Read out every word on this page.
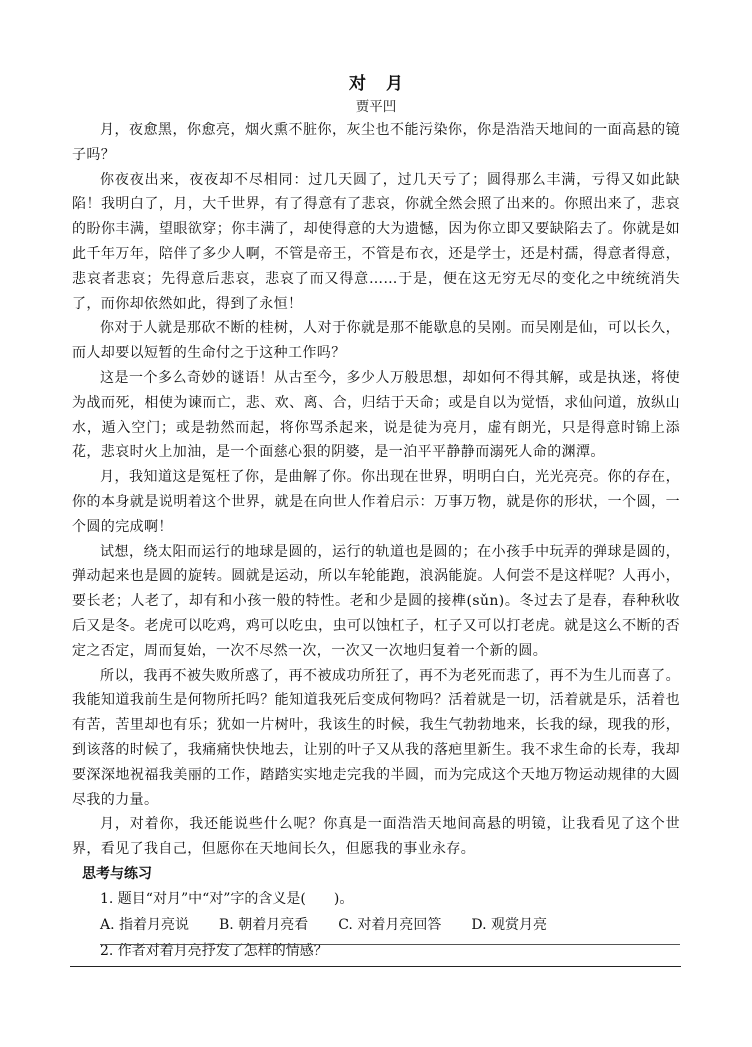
对月
贾平凹

月，夜愈黑，你愈亮，烟火熏不脏你，灰尘也不能污染你，你是浩浩天地间的一面高悬的镜子吗？

你夜夜出来，夜夜却不尽相同：过几天圆了，过几天亏了；圆得那么丰满，亏得又如此缺陷！我明白了，月，大千世界，有了得意有了悲哀，你就全然会照了出来的。你照出来了，悲哀的盼你丰满，望眼欲穿；你丰满了，却使得意的大为遗憾，因为你立即又要缺陷去了。你就是如此千年万年，陪伴了多少人啊，不管是帝王，不管是布衣，还是学士，还是村孺，得意者得意，悲哀者悲哀；先得意后悲哀，悲哀了而又得意……于是，便在这无穷无尽的变化之中统统消失了，而你却依然如此，得到了永恒！

你对于人就是那砍不断的桂树，人对于你就是那不能歇息的吴刚。而吴刚是仙，可以长久，而人却要以短暂的生命付之于这种工作吗？

这是一个多么奇妙的谜语！从古至今，多少人万般思想，却如何不得其解，或是执迷，将使为战而死，相使为谏而亡，悲、欢、离、合，归结于天命；或是自以为觉悟，求仙问道，放纵山水，遁入空门；或是勃然而起，将你骂杀起来，说是徒为亮月，虚有朗光，只是得意时锦上添花，悲哀时火上加油，是一个面慈心狠的阴婆，是一泊平平静静而溺死人命的渊潭。

月，我知道这是冤枉了你，是曲解了你。你出现在世界，明明白白，光光亮亮。你的存在，你的本身就是说明着这个世界，就是在向世人作着启示：万事万物，就是你的形状，一个圆，一个圆的完成啊！

试想，绕太阳而运行的地球是圆的，运行的轨道也是圆的；在小孩手中玩弄的弹球是圆的，弹动起来也是圆的旋转。圆就是运动，所以车轮能跑，浪涡能旋。人何尝不是这样呢？人再小，要长老；人老了，却有和小孩一般的特性。老和少是圆的接榫(sǔn)。冬过去了是春，春种秋收后又是冬。老虎可以吃鸡，鸡可以吃虫，虫可以蚀杠子，杠子又可以打老虎。就是这么不断的否定之否定，周而复始，一次不尽然一次，一次又一次地归复着一个新的圆。

所以，我再不被失败所惑了，再不被成功所狂了，再不为老死而悲了，再不为生儿而喜了。我能知道我前生是何物所托吗？能知道我死后变成何物吗？活着就是一切，活着就是乐，活着也有苦，苦里却也有乐；犹如一片树叶，我该生的时候，我生气勃勃地来，长我的绿，现我的形，到该落的时候了，我痛痛快快地去，让别的叶子又从我的落疤里新生。我不求生命的长寿，我却要深深地祝福我美丽的工作，踏踏实实地走完我的半圆，而为完成这个天地万物运动规律的大圆尽我的力量。

月，对着你，我还能说些什么呢？你真是一面浩浩天地间高悬的明镜，让我看见了这个世界，看见了我自己，但愿你在天地间长久，但愿我的事业永存。

思考与练习
1. 题目“对月”中“对”字的含义是(　　)。
A. 指着月亮说 B. 朝着月亮看 C. 对着月亮回答 D. 观赏月亮
2. 作者对着月亮抒发了怎样的情感？
